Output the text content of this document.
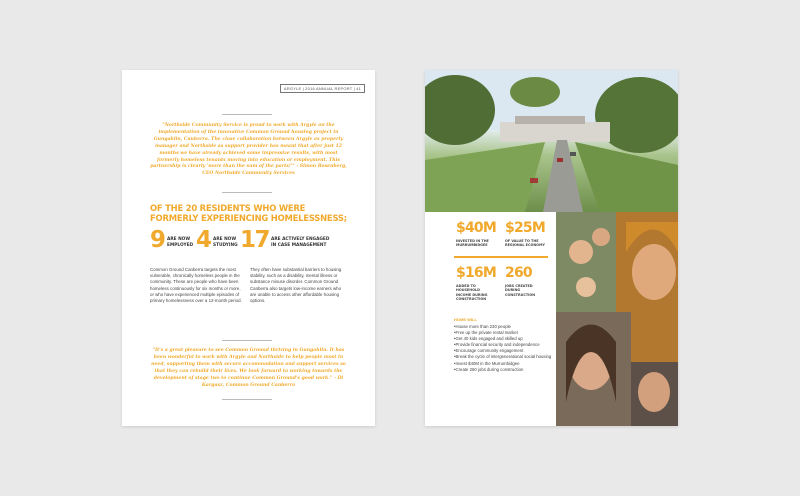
ARGYLE | 2016 ANNUAL REPORT | 41

"Northside Community Service is proud to work with Argyle on the implementation of the innovative Common Ground housing project in Gungahlin, Canberra. The close collaboration between Argyle as property manager and Northside as support provider has meant that after just 12 months we have already achieved some impressive results, with most formerly homeless tenants moving into education or employment. This partnership is clearly 'more than the sum of the parts!'" - Simon Rosenberg, CEO Northside Community Services

OF THE 20 RESIDENTS WHO WERE FORMERLY EXPERIENCING HOMELESSNESS;
9 ARE NOW EMPLOYED 4 ARE NOW STUDYING 17 ARE ACTIVELY ENGAGED IN CASE MANAGEMENT

Common Ground Canberra targets the most vulnerable, chronically homeless people in the community. These are people who have been homeless continuously for six months or more, or who have experienced multiple episodes of primary homelessness over a 12-month period.

They often have substantial barriers to housing stability, such as a disability, mental illness or substance misuse disorder. Common Ground Canberra also targets low-income earners who are unable to access other affordable housing options.

"It's a great pleasure to see Common Ground thriving in Gungahlin. It has been wonderful to work with Argyle and Northside to help people most in need, supporting them with secure accommodation and support services so that they can rebuild their lives. We look forward to working towards the development of stage two to continue Common Ground's good work." - Di Kargasz, Common Ground Canberra

$40M
INVESTED IN THE MURRUMBIDGEE
$25M
OF VALUE TO THE REGIONAL ECONOMY
$16M
ADDED TO HOUSEHOLD INCOME DURING CONSTRUCTION
260
JOBS CREATED DURING CONSTRUCTION
HOME WILL
• House more than 230 people
• Free up the private rental market
• Get 40 kids engaged and skilled up
• Provide financial security and independence
• Encourage community engagement
• Break the cycle of intergenerational social housing
• Invest $40M in the Murrumbidgee
• Create 260 jobs during construction
